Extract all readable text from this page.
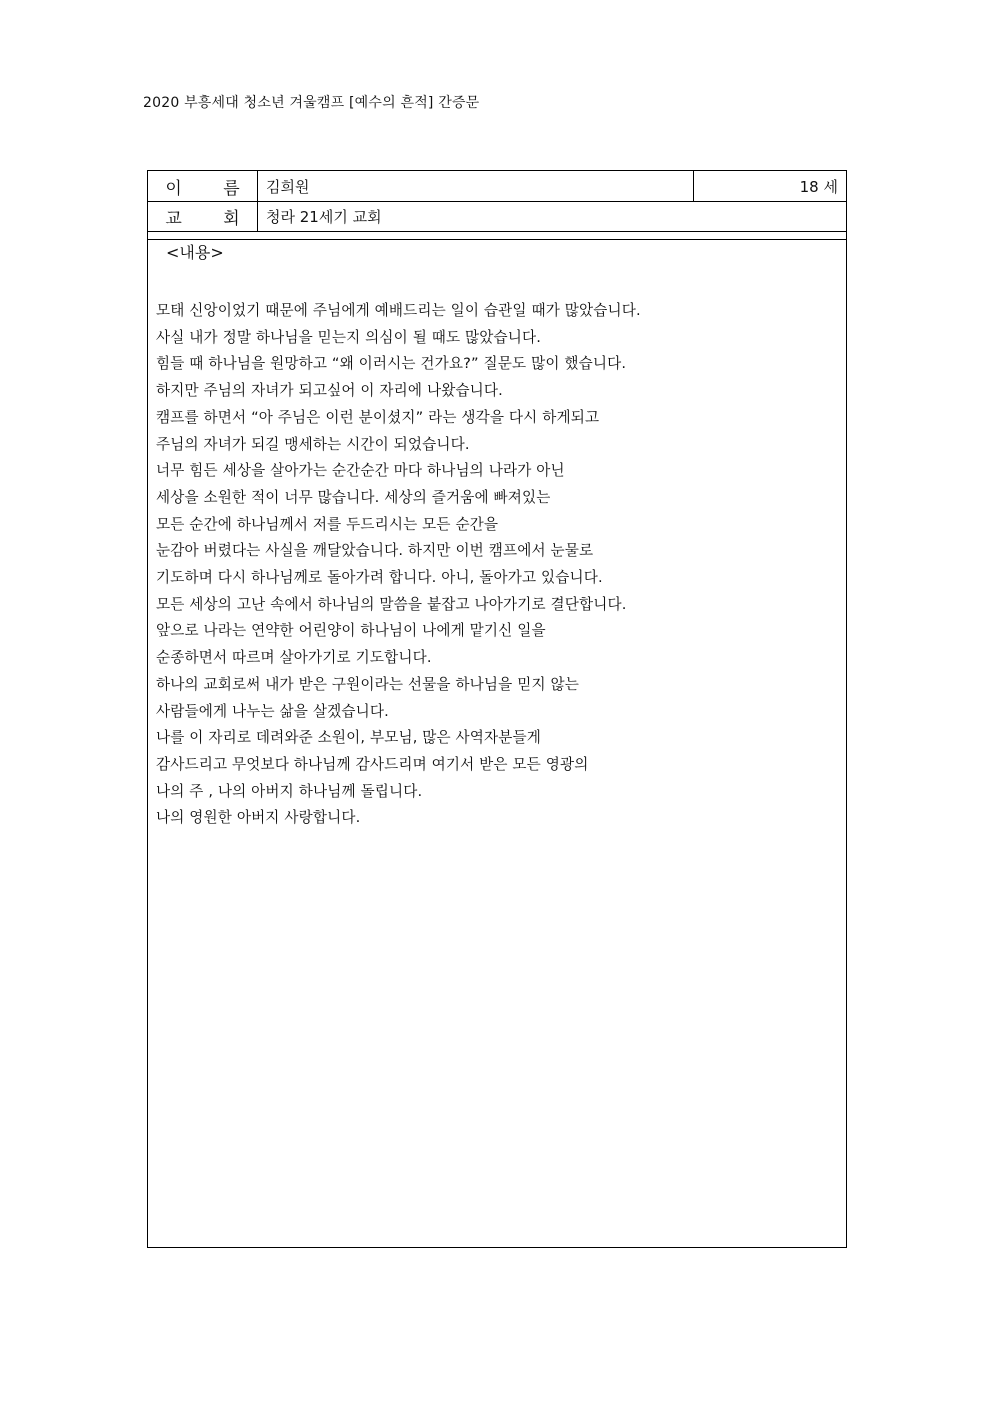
2020 부흥세대 청소년 겨울캠프 [예수의 흔적] 간증문
이 름 김희원	18 세
교 회 청라 21세기 교회
<내용>
모태 신앙이었기 때문에 주님에게 예배드리는 일이 습관일 때가 많았습니다.
사실 내가 정말 하나님을 믿는지 의심이 될 때도 많았습니다.
힘들 때 하나님을 원망하고 “왜 이러시는 건가요?” 질문도 많이 했습니다.
하지만 주님의 자녀가 되고싶어 이 자리에 나왔습니다.
캠프를 하면서 “아 주님은 이런 분이셨지” 라는 생각을 다시 하게되고
주님의 자녀가 되길 맹세하는 시간이 되었습니다.
너무 힘든 세상을 살아가는 순간순간 마다 하나님의 나라가 아닌
세상을 소원한 적이 너무 많습니다. 세상의 즐거움에 빠져있는
모든 순간에 하나님께서 저를 두드리시는 모든 순간을
눈감아 버렸다는 사실을 깨달았습니다. 하지만 이번 캠프에서 눈물로
기도하며 다시 하나님께로 돌아가려 합니다. 아니, 돌아가고 있습니다.
모든 세상의 고난 속에서 하나님의 말씀을 붙잡고 나아가기로 결단합니다.
앞으로 나라는 연약한 어린양이 하나님이 나에게 맡기신 일을
순종하면서 따르며 살아가기로 기도합니다.
하나의 교회로써 내가 받은 구원이라는 선물을 하나님을 믿지 않는
사람들에게 나누는 삶을 살겠습니다.
나를 이 자리로 데려와준 소원이, 부모님, 많은 사역자분들게
감사드리고 무엇보다 하나님께 감사드리며 여기서 받은 모든 영광의
나의 주 , 나의 아버지 하나님께 돌립니다.
나의 영원한 아버지 사랑합니다.
